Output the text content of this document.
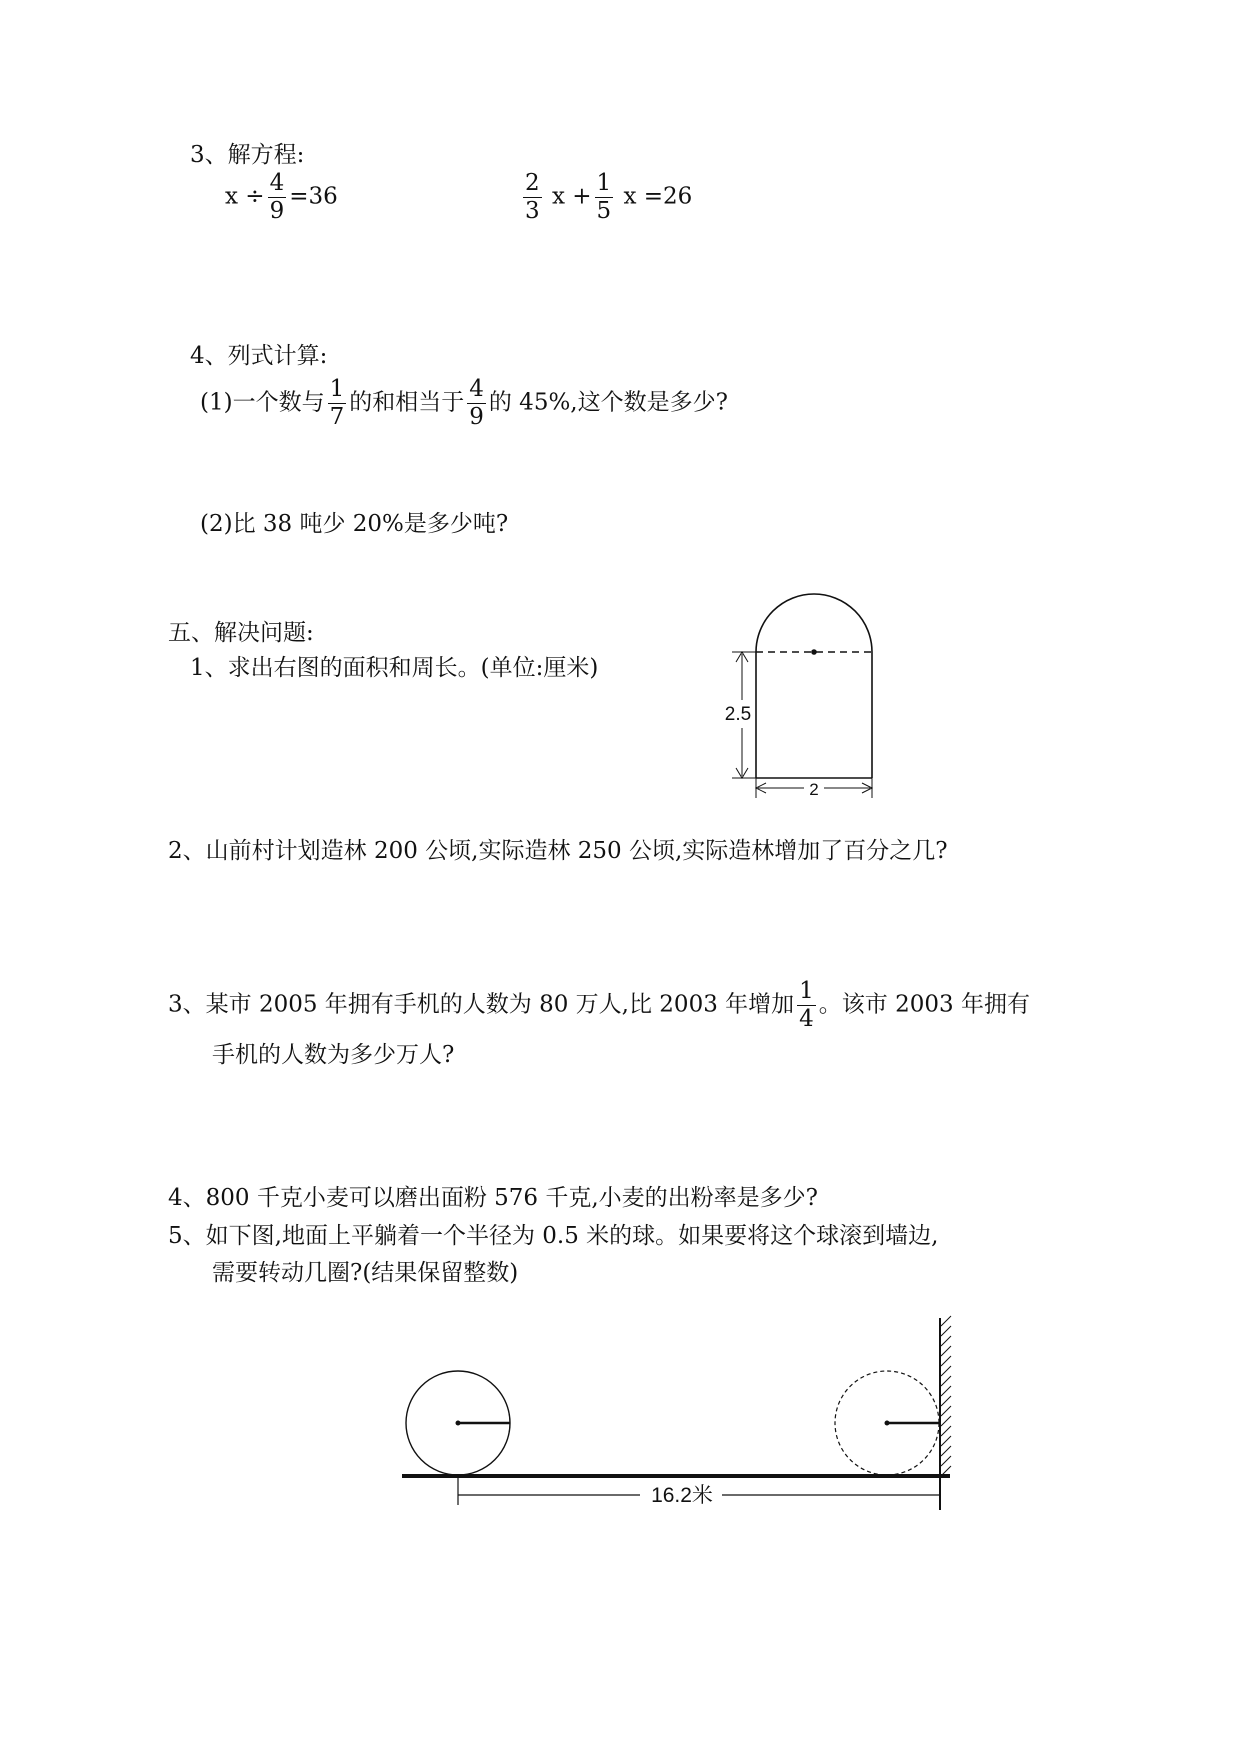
3、解方程:
$x \div \frac{4}{9} =36$	$\frac{2}{3}$ $x + \frac{1}{5}$ x =26
4、列式计算:
(1)一个数与 $\frac{1}{7}$ 的和相当于 $\frac{4}{9}$ 的 45%,这个数是多少?
(2)比 38 吨少 20%是多少吨?
五、解决问题:
1、求出右图的面积和周长。(单位:厘米)
2.5
2
2、山前村计划造林 200 公顷,实际造林 250 公顷,实际造林增加了百分之几?
3、某市 2005 年拥有手机的人数为 80 万人,比 2003 年增加 $\frac{1}{4}$ 。该市 2003 年拥有
手机的人数为多少万人?
4、800 千克小麦可以磨出面粉 576 千克,小麦的出粉率是多少?
5、如下图,地面上平躺着一个半径为 0.5 米的球。如果要将这个球滚到墙边,
需要转动几圈?(结果保留整数)
16.2米
